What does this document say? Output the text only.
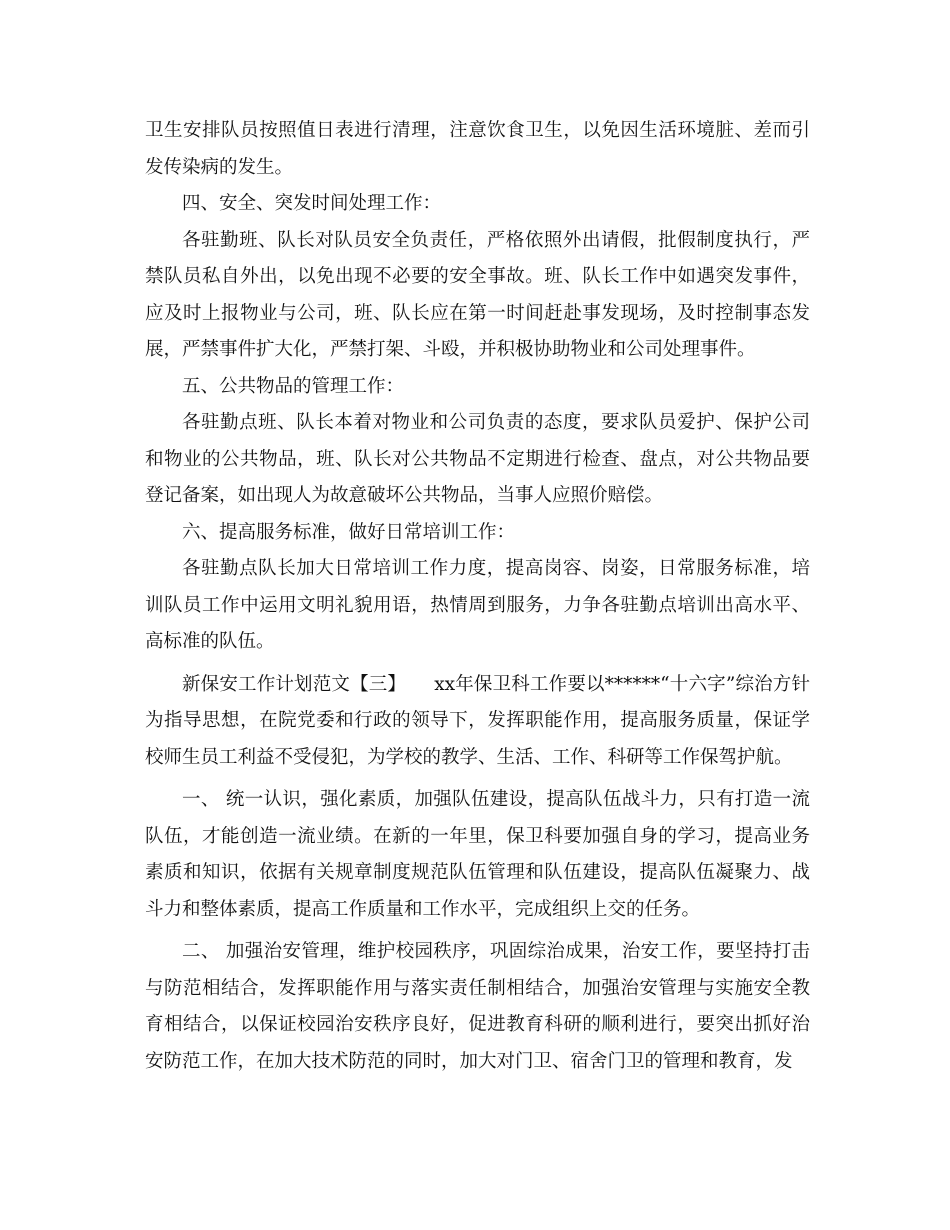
卫生安排队员按照值日表进行清理，注意饮食卫生，以免因生活环境脏、差而引发传染病的发生。

四、安全、突发时间处理工作：

各驻勤班、队长对队员安全负责任，严格依照外出请假，批假制度执行，严禁队员私自外出，以免出现不必要的安全事故。班、队长工作中如遇突发事件，应及时上报物业与公司，班、队长应在第一时间赶赴事发现场，及时控制事态发展，严禁事件扩大化，严禁打架、斗殴，并积极协助物业和公司处理事件。

五、公共物品的管理工作：

各驻勤点班、队长本着对物业和公司负责的态度，要求队员爱护、保护公司和物业的公共物品，班、队长对公共物品不定期进行检查、盘点，对公共物品要登记备案，如出现人为故意破坏公共物品，当事人应照价赔偿。

六、提高服务标准，做好日常培训工作：

各驻勤点队长加大日常培训工作力度，提高岗容、岗姿，日常服务标准，培训队员工作中运用文明礼貌用语，热情周到服务，力争各驻勤点培训出高水平、高标准的队伍。

新保安工作计划范文【三】　　xx年保卫科工作要以******“十六字”综治方针为指导思想，在院党委和行政的领导下，发挥职能作用，提高服务质量，保证学校师生员工利益不受侵犯，为学校的教学、生活、工作、科研等工作保驾护航。

一、 统一认识，强化素质，加强队伍建设，提高队伍战斗力，只有打造一流队伍，才能创造一流业绩。在新的一年里，保卫科要加强自身的学习，提高业务素质和知识，依据有关规章制度规范队伍管理和队伍建设，提高队伍凝聚力、战斗力和整体素质，提高工作质量和工作水平，完成组织上交的任务。

二、 加强治安管理，维护校园秩序，巩固综治成果，治安工作，要坚持打击与防范相结合，发挥职能作用与落实责任制相结合，加强治安管理与实施安全教育相结合，以保证校园治安秩序良好，促进教育科研的顺利进行，要突出抓好治安防范工作，在加大技术防范的同时，加大对门卫、宿舍门卫的管理和教育，发
